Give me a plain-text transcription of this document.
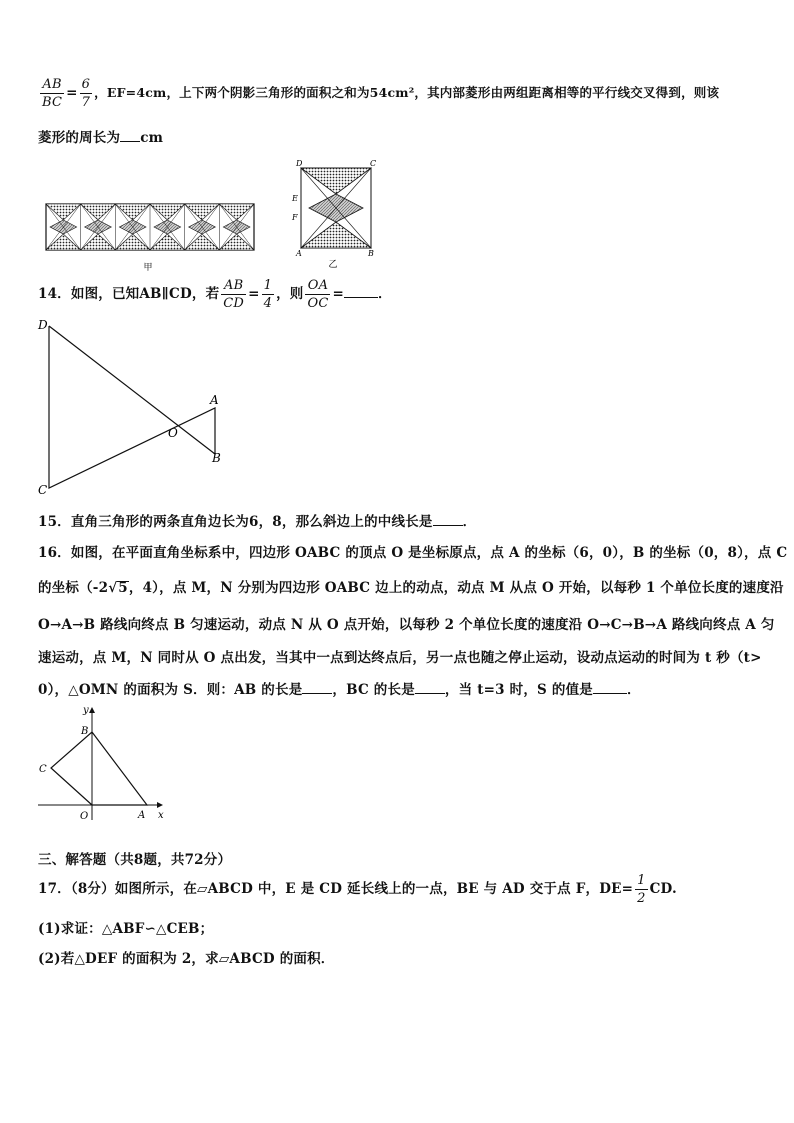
$\frac{AB}{BC} = \frac{6}{7}$ ，EF=4cm，上下两个阴影三角形的面积之和为54cm²，其内部菱形由两组距离相等的平行线交叉得到，则该
菱形的周长为 cm
甲
D	C
E
F
A	B
乙
14．如图，已知AB∥CD，若 $\frac{AB}{CD} = \frac{1}{4}$ ，则 $\frac{OA}{OC}$ =	．
D
A
O
B
C
15．直角三角形的两条直角边长为6，8，那么斜边上的中线长是 ．
16．如图，在平面直角坐标系中，四边形 OABC 的顶点 O 是坐标原点，点 A 的坐标（6，0），B 的坐标（0，8），点 C
的坐标（-2√5，4），点 M，N 分别为四边形 OABC 边上的动点，动点 M 从点 O 开始，以每秒 1 个单位长度的速度沿
O→A→B 路线向终点 B 匀速运动，动点 N 从 O 点开始，以每秒 2 个单位长度的速度沿 O→C→B→A 路线向终点 A 匀
速运动，点 M，N 同时从 O 点出发，当其中一点到达终点后，另一点也随之停止运动，设动点运动的时间为 t 秒（t>
0），△OMN 的面积为 S．则：AB 的长是 ，BC 的长是 ，当 t=3 时，S 的值是	．
y
B
C
O	A x
三、解答题（共8题，共72分）
17．（8分）如图所示，在▱ABCD 中，E 是 CD 延长线上的一点，BE 与 AD 交于点 F，$DE= \frac{1}{2}$ CD.
(1)求证：△ABF∽△CEB；
(2)若△DEF 的面积为 2，求▱ABCD 的面积．
